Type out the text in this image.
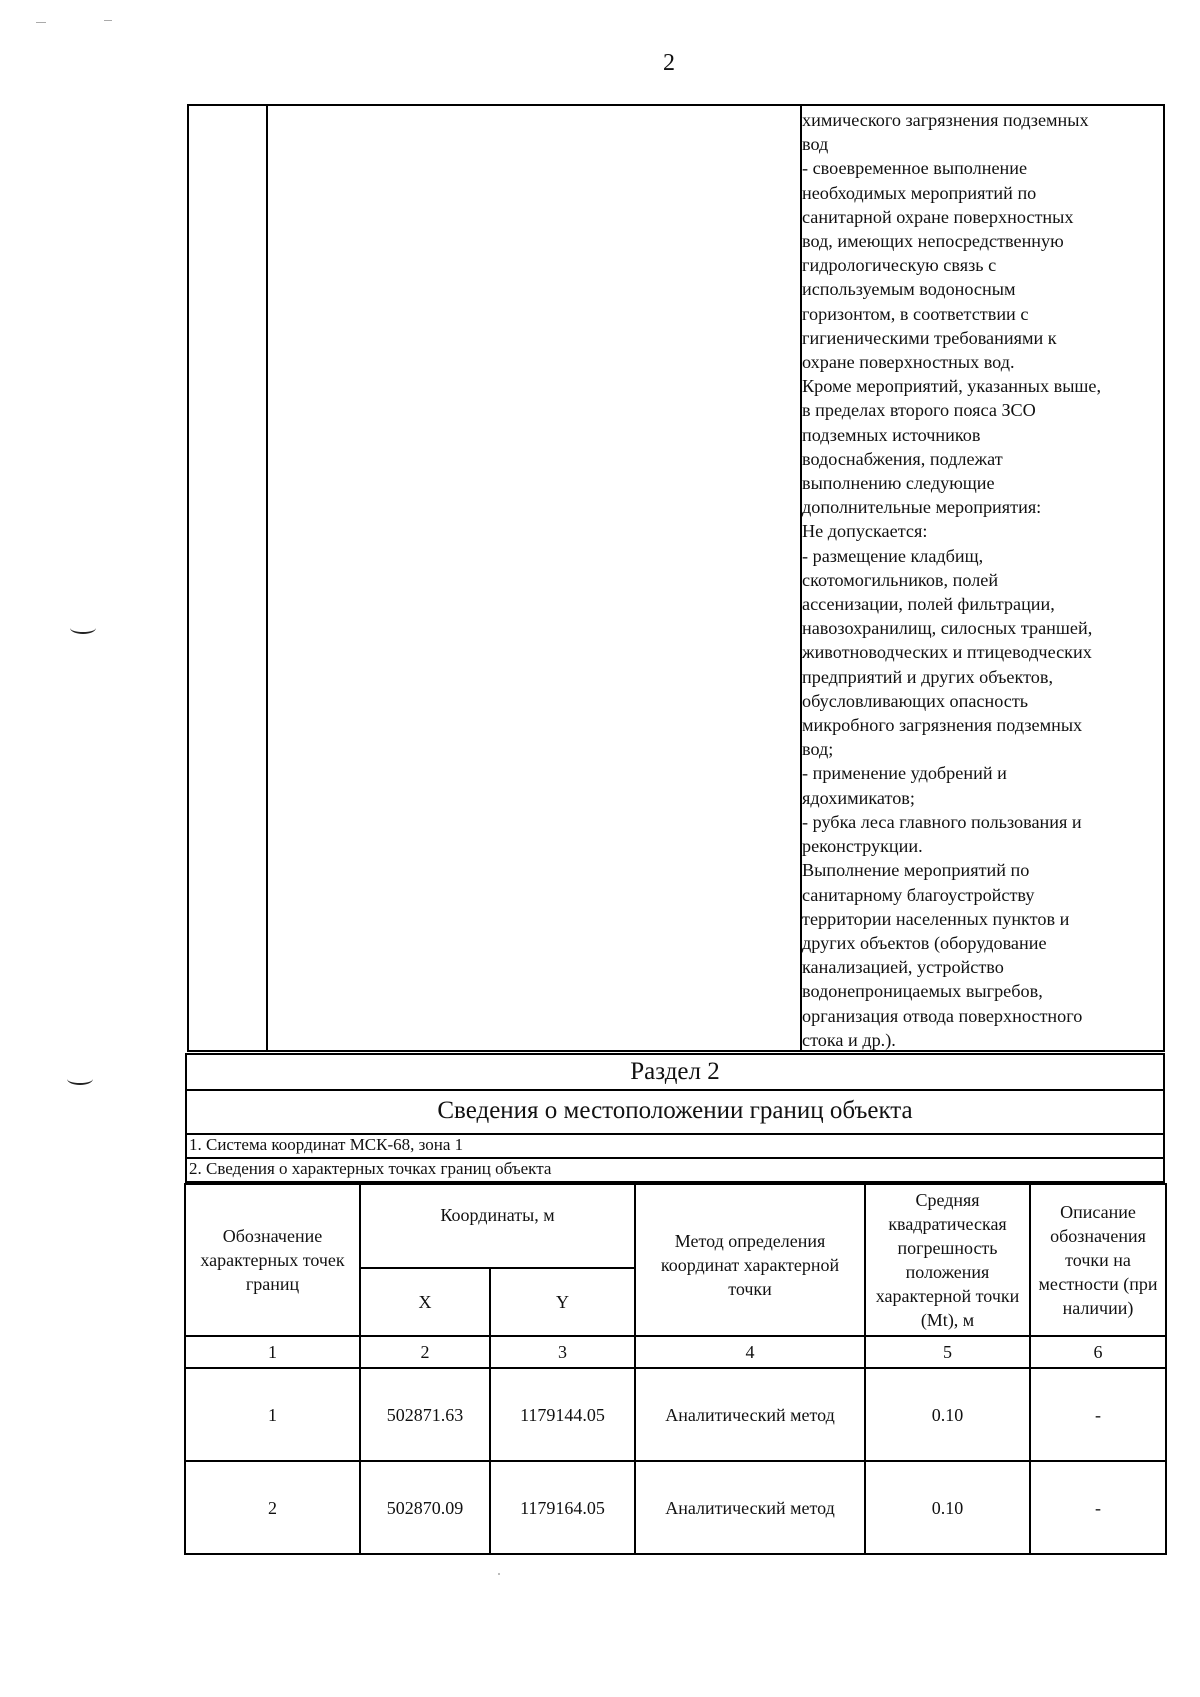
2
химического загрязнения подземных
вод
- своевременное выполнение
необходимых мероприятий по
санитарной охране поверхностных
вод, имеющих непосредственную
гидрологическую связь с
используемым водоносным
горизонтом, в соответствии с
гигиеническими требованиями к
охране поверхностных вод.
Кроме мероприятий, указанных выше,
в пределах второго пояса ЗСО
подземных источников
водоснабжения, подлежат
выполнению следующие
дополнительные мероприятия:
Не допускается:
- размещение кладбищ,
скотомогильников, полей
ассенизации, полей фильтрации,
навозохранилищ, силосных траншей,
животноводческих и птицеводческих
предприятий и других объектов,
обусловливающих опасность
микробного загрязнения подземных
вод;
- применение удобрений и
ядохимикатов;
- рубка леса главного пользования и
реконструкции.
Выполнение мероприятий по
санитарному благоустройству
территории населенных пунктов и
других объектов (оборудование
канализацией, устройство
водонепроницаемых выгребов,
организация отвода поверхностного
стока и др.).
Раздел 2
Сведения о местоположении границ объекта
1. Система координат МСК-68, зона 1
2. Сведения о характерных точках границ объекта
Обозначение характерных точек границ	Координаты, м		Метод определения координат характерной точки	Средняя квадратическая погрешность положения характерной точки (Mt), м	Описание обозначения точки на местности (при наличии)
	X	Y			
1	2	3	4	5	6
1	502871.63	1179144.05	Аналитический метод	0.10	-
2	502870.09	1179164.05	Аналитический метод	0.10	-
